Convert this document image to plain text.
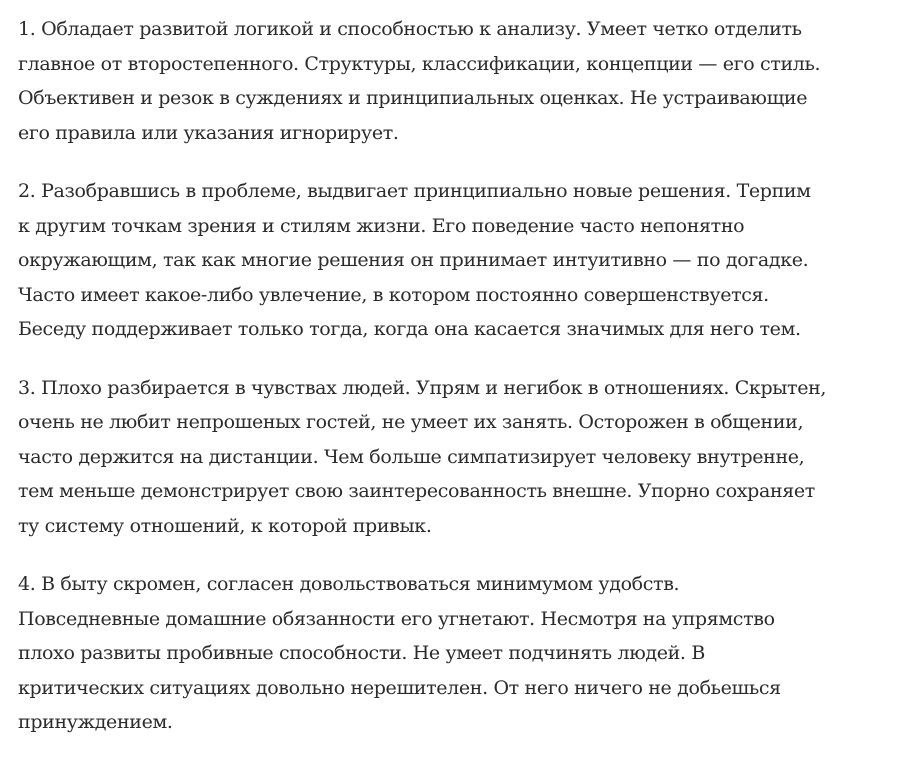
1. Обладает развитой логикой и способностью к анализу. Умеет четко отделить
главное от второстепенного. Структуры, классификации, концепции — его стиль.
Объективен и резок в суждениях и принципиальных оценках. Не устраивающие
его правила или указания игнорирует.

2. Разобравшись в проблеме, выдвигает принципиально новые решения. Терпим
к другим точкам зрения и стилям жизни. Его поведение часто непонятно
окружающим, так как многие решения он принимает интуитивно — по догадке.
Часто имеет какое-либо увлечение, в котором постоянно совершенствуется.
Беседу поддерживает только тогда, когда она касается значимых для него тем.

3. Плохо разбирается в чувствах людей. Упрям и негибок в отношениях. Скрытен,
очень не любит непрошеных гостей, не умеет их занять. Осторожен в общении,
часто держится на дистанции. Чем больше симпатизирует человеку внутренне,
тем меньше демонстрирует свою заинтересованность внешне. Упорно сохраняет
ту систему отношений, к которой привык.

4. В быту скромен, согласен довольствоваться минимумом удобств.
Повседневные домашние обязанности его угнетают. Несмотря на упрямство
плохо развиты пробивные способности. Не умеет подчинять людей. В
критических ситуациях довольно нерешителен. От него ничего не добьешься
принуждением.
